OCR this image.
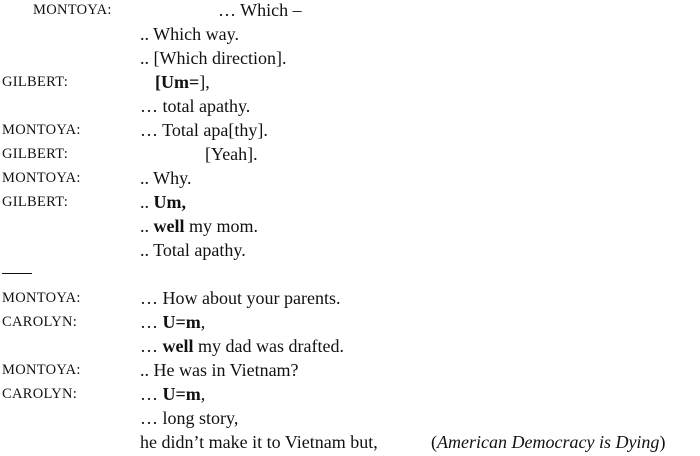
MONTOYA:	… Which –
.. Which way.
.. [Which direction].
GILBERT:	[Um=],
… total apathy.
MONTOYA:	… Total apa[thy].
GILBERT:	[Yeah].
MONTOYA:	.. Why.
GILBERT:	.. Um,
.. well my mom.
.. Total apathy.
MONTOYA:	… How about your parents.
CAROLYN:	… U=m,
… well my dad was drafted.
MONTOYA:	.. He was in Vietnam?
CAROLYN:	… U=m,
… long story,
he didn’t make it to Vietnam but,	(American Democracy is Dying)
